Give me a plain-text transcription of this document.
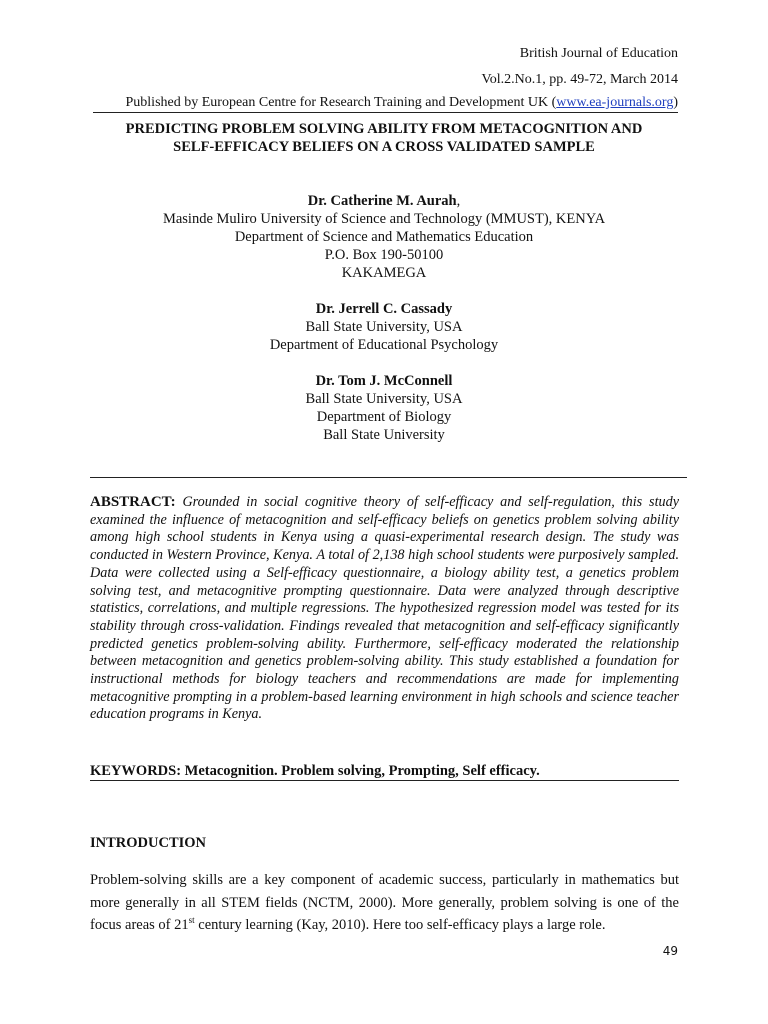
British Journal of Education
Vol.2.No.1, pp. 49-72, March 2014
Published by European Centre for Research Training and Development UK (www.ea-journals.org)
PREDICTING PROBLEM SOLVING ABILITY FROM METACOGNITION AND
SELF-EFFICACY BELIEFS ON A CROSS VALIDATED SAMPLE
Dr. Catherine M. Aurah,
Masinde Muliro University of Science and Technology (MMUST), KENYA
Department of Science and Mathematics Education
P.O. Box 190-50100
KAKAMEGA
Dr. Jerrell C. Cassady
Ball State University, USA
Department of Educational Psychology
Dr. Tom J. McConnell
Ball State University, USA
Department of Biology
Ball State University
ABSTRACT: Grounded in social cognitive theory of self-efficacy and self-regulation, this study examined the influence of metacognition and self-efficacy beliefs on genetics problem solving ability among high school students in Kenya using a quasi-experimental research design. The study was conducted in Western Province, Kenya. A total of 2,138 high school students were purposively sampled. Data were collected using a Self-efficacy questionnaire, a biology ability test, a genetics problem solving test, and metacognitive prompting questionnaire. Data were analyzed through descriptive statistics, correlations, and multiple regressions. The hypothesized regression model was tested for its stability through cross-validation. Findings revealed that metacognition and self-efficacy significantly predicted genetics problem-solving ability. Furthermore, self-efficacy moderated the relationship between metacognition and genetics problem-solving ability. This study established a foundation for instructional methods for biology teachers and recommendations are made for implementing metacognitive prompting in a problem-based learning environment in high schools and science teacher education programs in Kenya.
KEYWORDS: Metacognition. Problem solving, Prompting, Self efficacy.
INTRODUCTION
Problem-solving skills are a key component of academic success, particularly in mathematics but more generally in all STEM fields (NCTM, 2000). More generally, problem solving is one of the focus areas of 21st century learning (Kay, 2010). Here too self-efficacy plays a large role.
49
